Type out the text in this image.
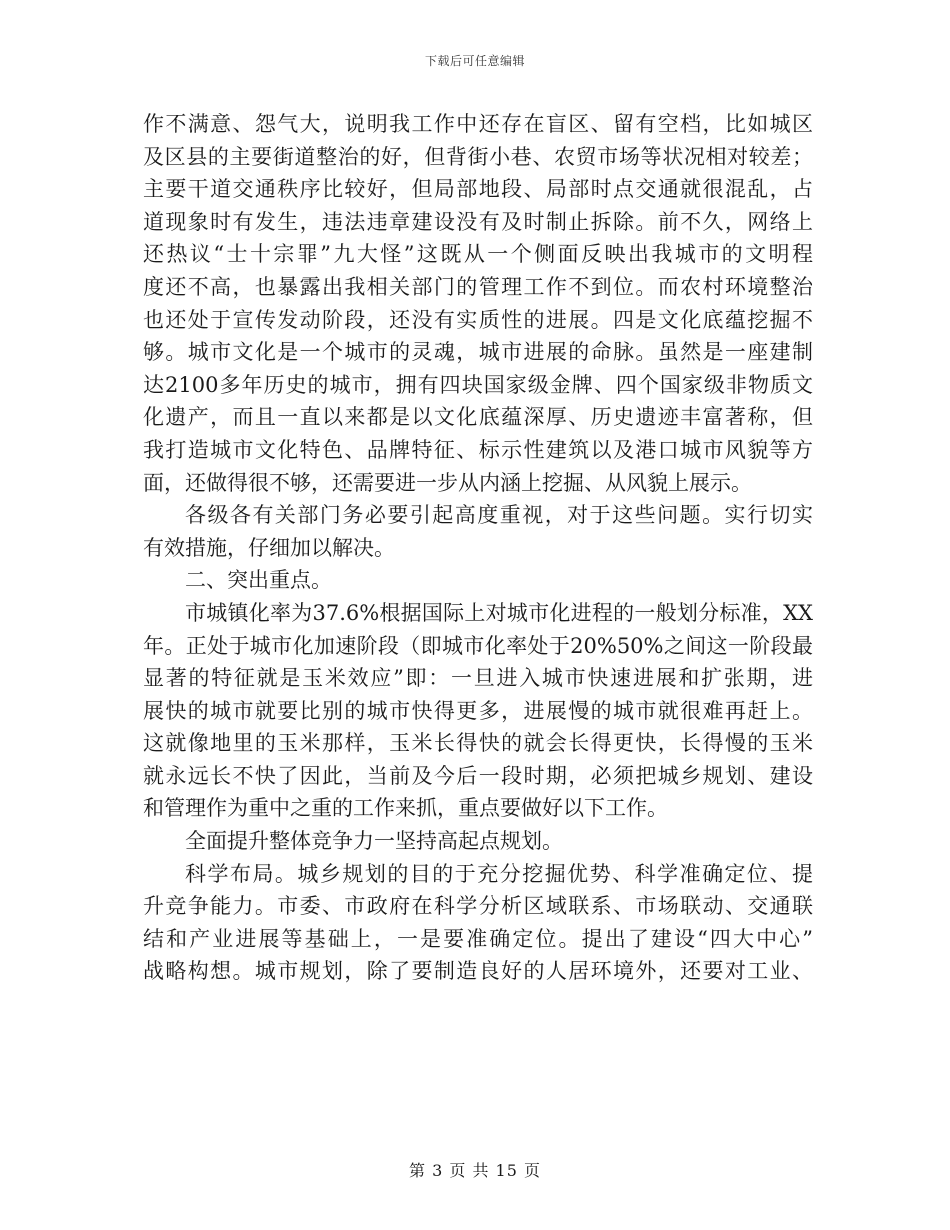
下载后可任意编辑
作不满意、怨气大，说明我工作中还存在盲区、留有空档，比如城区
及区县的主要街道整治的好，但背街小巷、农贸市场等状况相对较差；
主要干道交通秩序比较好，但局部地段、局部时点交通就很混乱，占
道现象时有发生，违法违章建设没有及时制止拆除。前不久，网络上
还热议“士十宗罪”九大怪”这既从一个侧面反映出我城市的文明程
度还不高，也暴露出我相关部门的管理工作不到位。而农村环境整治
也还处于宣传发动阶段，还没有实质性的进展。四是文化底蕴挖掘不
够。城市文化是一个城市的灵魂，城市进展的命脉。虽然是一座建制
达2100多年历史的城市，拥有四块国家级金牌、四个国家级非物质文
化遗产，而且一直以来都是以文化底蕴深厚、历史遗迹丰富著称，但
我打造城市文化特色、品牌特征、标示性建筑以及港口城市风貌等方
面，还做得很不够，还需要进一步从内涵上挖掘、从风貌上展示。
各级各有关部门务必要引起高度重视，对于这些问题。实行切实
有效措施，仔细加以解决。
二、突出重点。
市城镇化率为37.6%根据国际上对城市化进程的一般划分标准，XX
年。正处于城市化加速阶段（即城市化率处于20%50%之间这一阶段最
显著的特征就是玉米效应”即：一旦进入城市快速进展和扩张期，进
展快的城市就要比别的城市快得更多，进展慢的城市就很难再赶上。
这就像地里的玉米那样，玉米长得快的就会长得更快，长得慢的玉米
就永远长不快了因此，当前及今后一段时期，必须把城乡规划、建设
和管理作为重中之重的工作来抓，重点要做好以下工作。
全面提升整体竞争力一坚持高起点规划。
科学布局。城乡规划的目的于充分挖掘优势、科学准确定位、提
升竞争能力。市委、市政府在科学分析区域联系、市场联动、交通联
结和产业进展等基础上，一是要准确定位。提出了建设“四大中心”
战略构想。城市规划，除了要制造良好的人居环境外，还要对工业、
第 3 页 共 15 页
